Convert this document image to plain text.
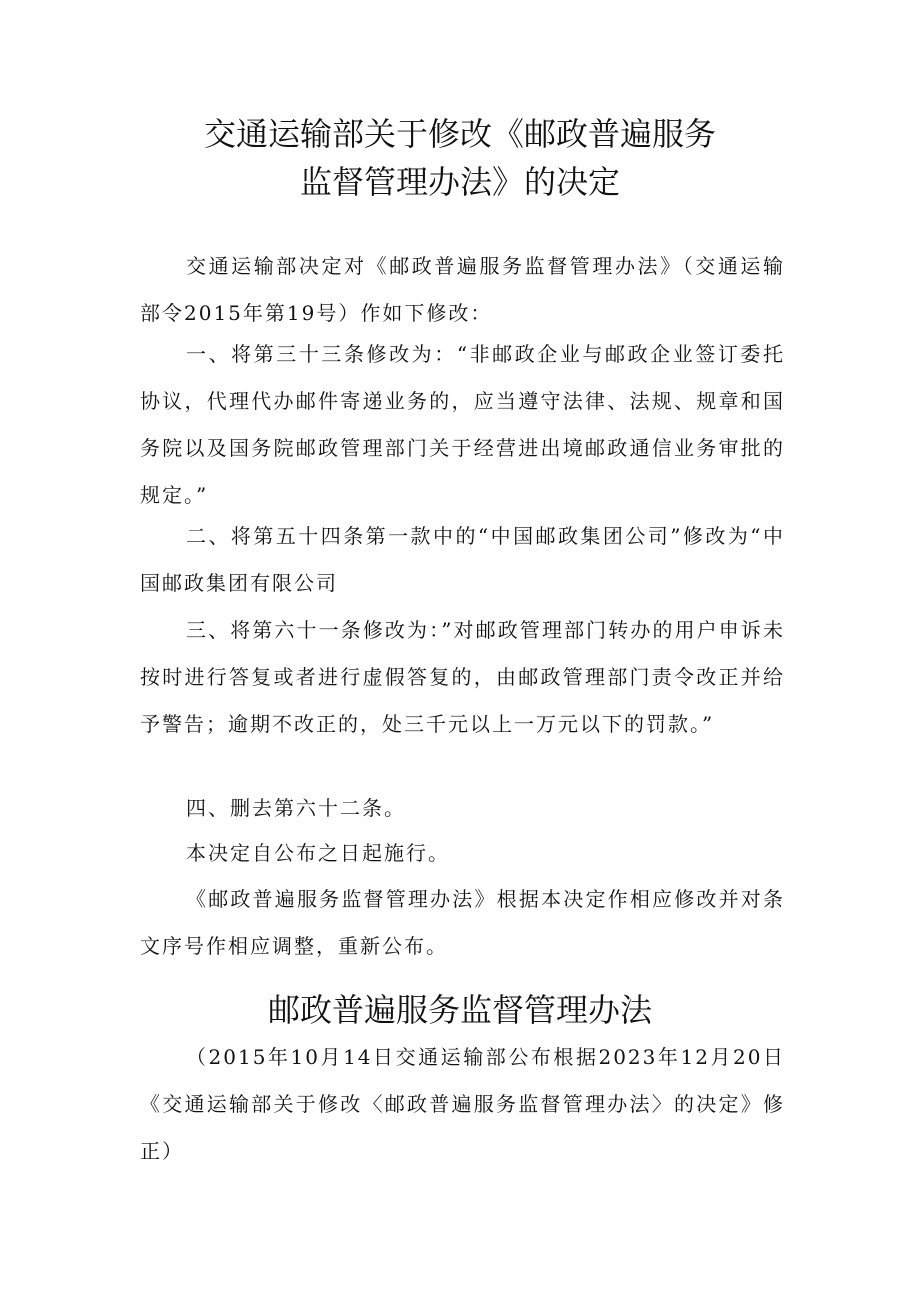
交通运输部关于修改《邮政普遍服务
监督管理办法》的决定

交通运输部决定对《邮政普遍服务监督管理办法》（交通运输部令2015年第19号）作如下修改：

一、将第三十三条修改为：“非邮政企业与邮政企业签订委托协议，代理代办邮件寄递业务的，应当遵守法律、法规、规章和国务院以及国务院邮政管理部门关于经营进出境邮政通信业务审批的规定。”

二、将第五十四条第一款中的“中国邮政集团公司”修改为“中国邮政集团有限公司

三、将第六十一条修改为：”对邮政管理部门转办的用户申诉未按时进行答复或者进行虚假答复的，由邮政管理部门责令改正并给予警告；逾期不改正的，处三千元以上一万元以下的罚款。”

四、删去第六十二条。

本决定自公布之日起施行。

《邮政普遍服务监督管理办法》根据本决定作相应修改并对条文序号作相应调整，重新公布。

邮政普遍服务监督管理办法

（2015年10月14日交通运输部公布根据2023年12月20日《交通运输部关于修改〈邮政普遍服务监督管理办法〉的决定》修正）
